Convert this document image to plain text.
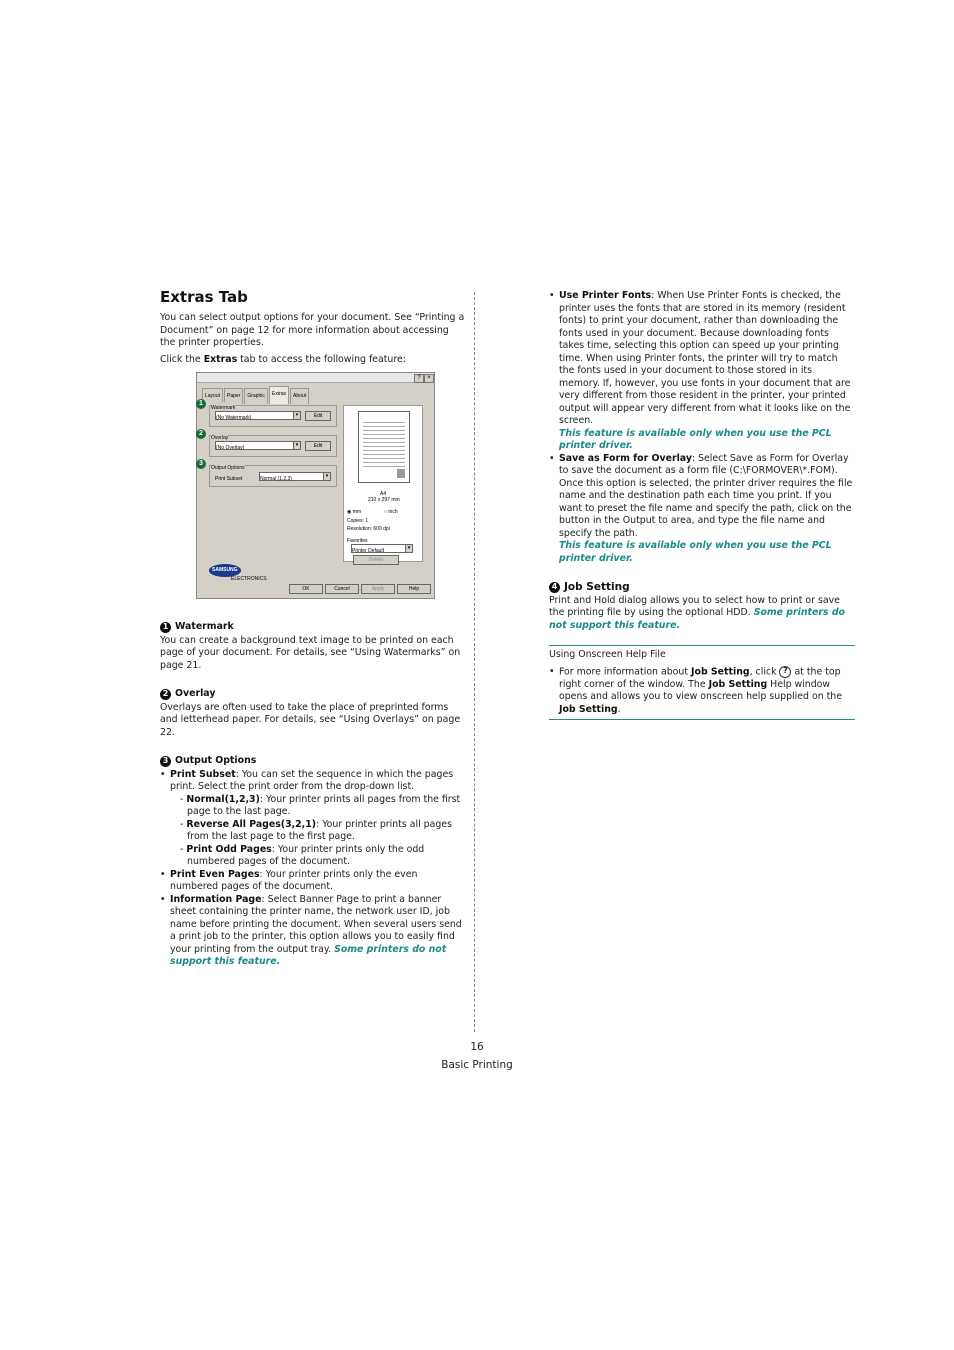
Extras Tab

You can select output options for your document. See “Printing a Document” on page 12 for more information about accessing the printer properties.

Click the Extras tab to access the following feature:

?	×
Layout	Paper	Graphic	Extras	About
1
2
3
Watermark
(No Watermark)	▾	Edit
Overlay
(No Overlay)	▾	Edit
Output Options
Print Subset	Normal (1,2,3)	▾
A4
210 x 297 mm
◉ mm	○ inch
Copies: 1
Resolution: 600 dpi
Favorites
Printer Default	▾
Delete
SAMSUNG
ELECTRONICS
OK	Cancel	Apply	Help
1 Watermark

You can create a background text image to be printed on each page of your document. For details, see “Using Watermarks” on page 21.

2 Overlay

Overlays are often used to take the place of preprinted forms and letterhead paper. For details, see “Using Overlays” on page 22.

3 Output Options
• Print Subset: You can set the sequence in which the pages print. Select the print order from the drop-down list.
- Normal(1,2,3): Your printer prints all pages from the first page to the last page.
- Reverse All Pages(3,2,1): Your printer prints all pages from the last page to the first page.
- Print Odd Pages: Your printer prints only the odd numbered pages of the document.
• Print Even Pages: Your printer prints only the even numbered pages of the document.
• Information Page: Select Banner Page to print a banner sheet containing the printer name, the network user ID, job name before printing the document. When several users send a print job to the printer, this option allows you to easily find your printing from the output tray. Some printers do not support this feature.
• Use Printer Fonts: When Use Printer Fonts is checked, the printer uses the fonts that are stored in its memory (resident fonts) to print your document, rather than downloading the fonts used in your document. Because downloading fonts takes time, selecting this option can speed up your printing time. When using Printer fonts, the printer will try to match the fonts used in your document to those stored in its memory. If, however, you use fonts in your document that are very different from those resident in the printer, your printed output will appear very different from what it looks like on the screen.
This feature is available only when you use the PCL printer driver.
• Save as Form for Overlay: Select Save as Form for Overlay to save the document as a form file (C:\FORMOVER\*.FOM). Once this option is selected, the printer driver requires the file name and the destination path each time you print. If you want to preset the file name and specify the path, click on the button in the Output to area, and type the file name and specify the path.
This feature is available only when you use the PCL printer driver.
4 Job Setting

Print and Hold dialog allows you to select how to print or save the printing file by using the optional HDD. Some printers do not support this feature.

Using Onscreen Help File
• For more information about Job Setting, click ? at the top right corner of the window. The Job Setting Help window opens and allows you to view onscreen help supplied on the Job Setting.
16
Basic Printing
